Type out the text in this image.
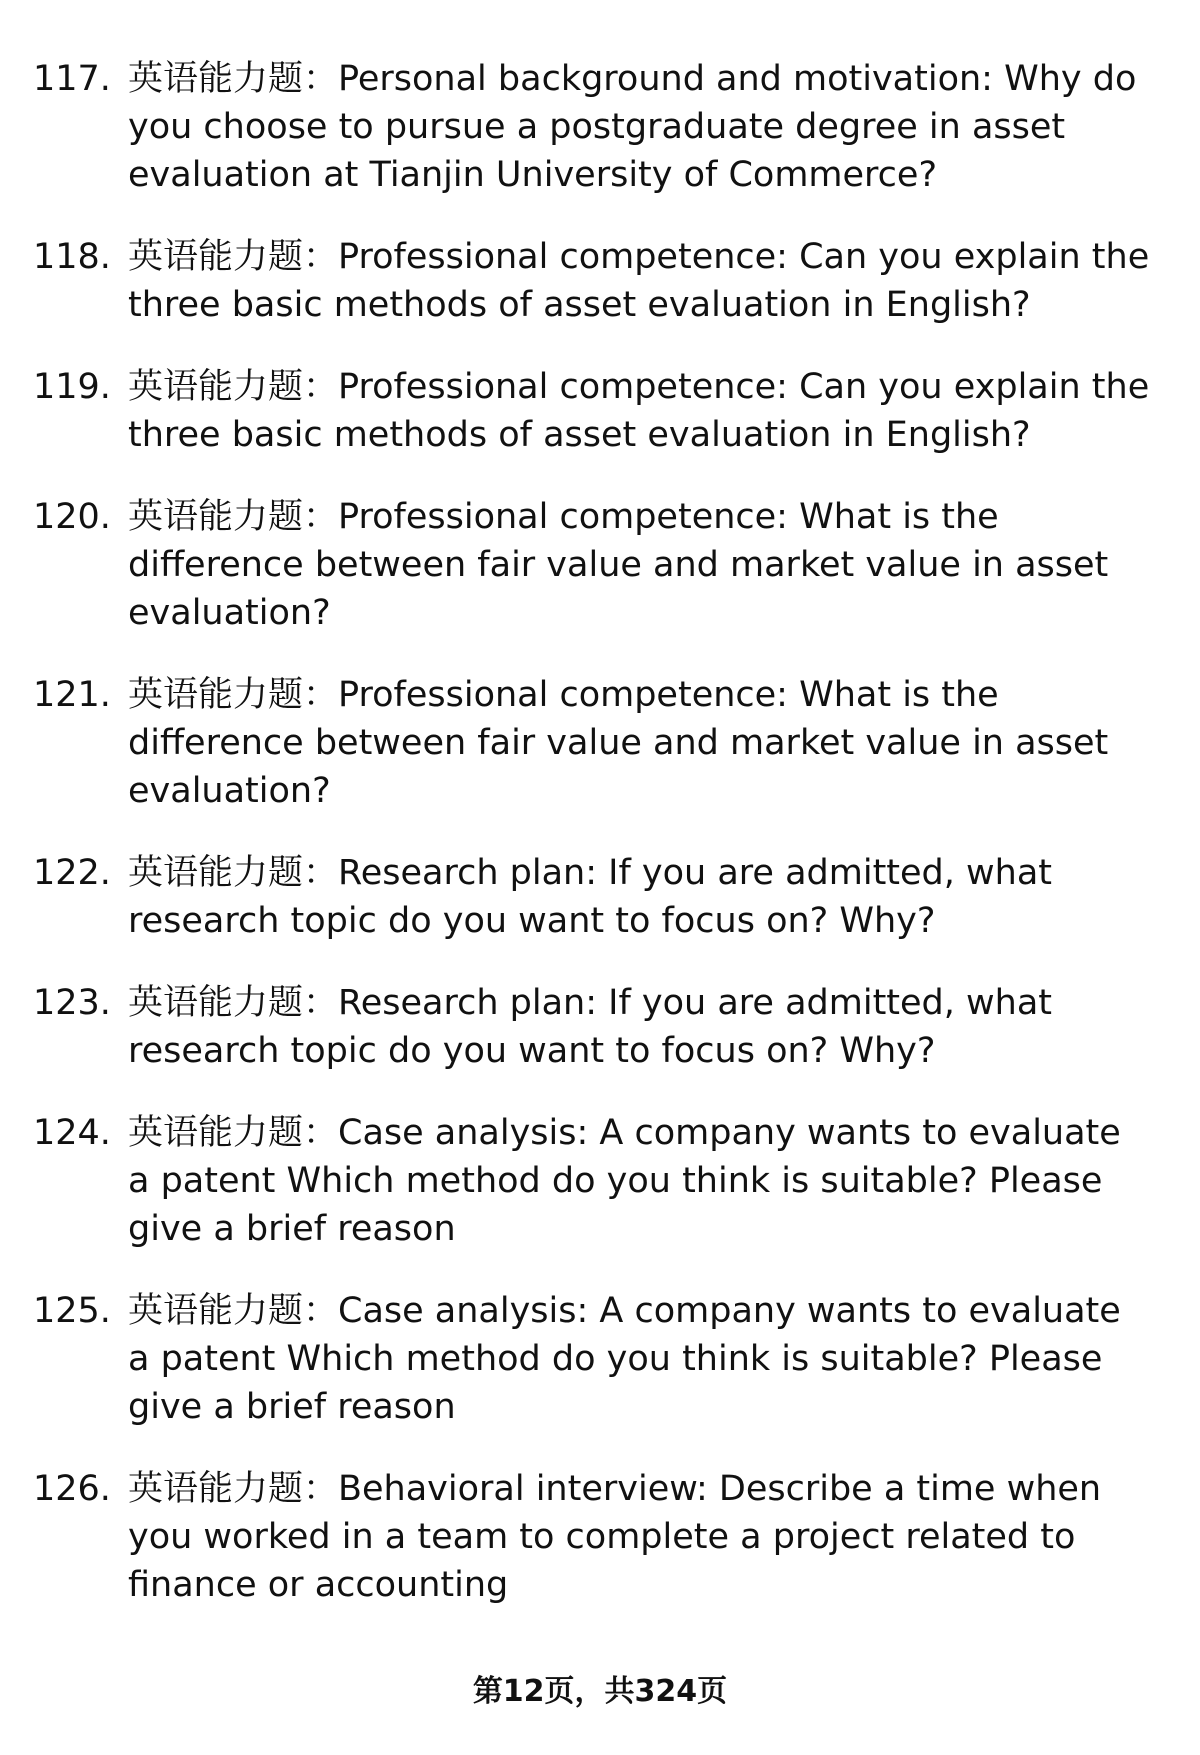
117. 英语能力题：Personal background and motivation: Why do you choose to pursue a postgraduate degree in asset evaluation at Tianjin University of Commerce?
118. 英语能力题：Professional competence: Can you explain the three basic methods of asset evaluation in English?
119. 英语能力题：Professional competence: Can you explain the three basic methods of asset evaluation in English?
120. 英语能力题：Professional competence: What is the difference between fair value and market value in asset evaluation?
121. 英语能力题：Professional competence: What is the difference between fair value and market value in asset evaluation?
122. 英语能力题：Research plan: If you are admitted, what research topic do you want to focus on? Why?
123. 英语能力题：Research plan: If you are admitted, what research topic do you want to focus on? Why?
124. 英语能力题：Case analysis: A company wants to evaluate a patent Which method do you think is suitable? Please give a brief reason
125. 英语能力题：Case analysis: A company wants to evaluate a patent Which method do you think is suitable? Please give a brief reason
126. 英语能力题：Behavioral interview: Describe a time when you worked in a team to complete a project related to finance or accounting
第12页，共324页
